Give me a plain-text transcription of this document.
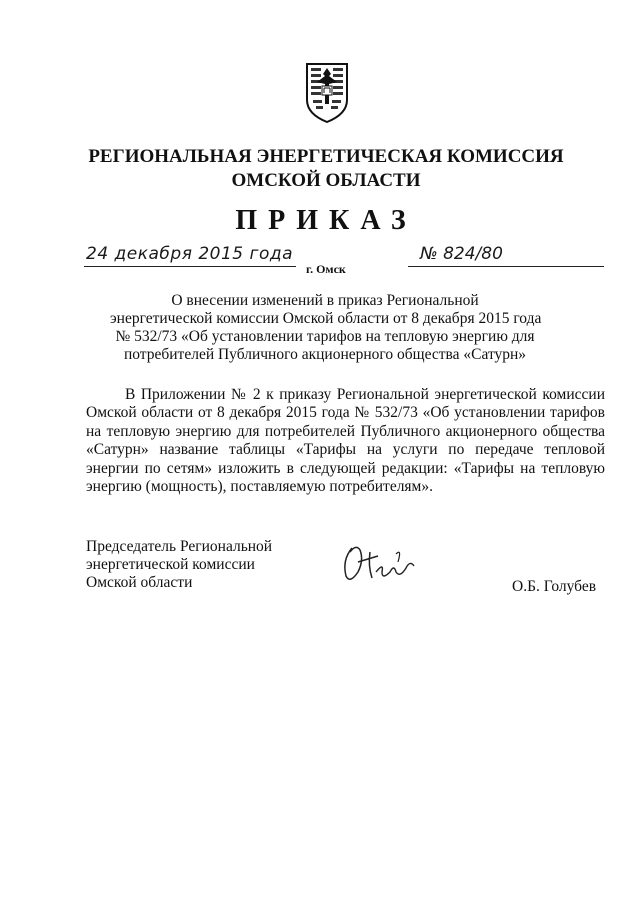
РЕГИОНАЛЬНАЯ ЭНЕРГЕТИЧЕСКАЯ КОМИССИЯ
ОМСКОЙ ОБЛАСТИ
ПРИКАЗ
24 декабря 2015 года
г. Омск
№ 824/80
О внесении изменений в приказ Региональной
энергетической комиссии Омской области от 8 декабря 2015 года
№ 532/73 «Об установлении тарифов на тепловую энергию для
потребителей Публичного акционерного общества «Сатурн»
В Приложении № 2 к приказу Региональной энергетической комиссии Омской области от 8 декабря 2015 года № 532/73 «Об установлении тарифов на тепловую энергию для потребителей Публичного акционерного общества «Сатурн» название таблицы «Тарифы на услуги по передаче тепловой энергии по сетям» изложить в следующей редакции: «Тарифы на тепловую энергию (мощность), поставляемую потребителям».
Председатель Региональной
энергетической комиссии
Омской области	О.Б. Голубев
